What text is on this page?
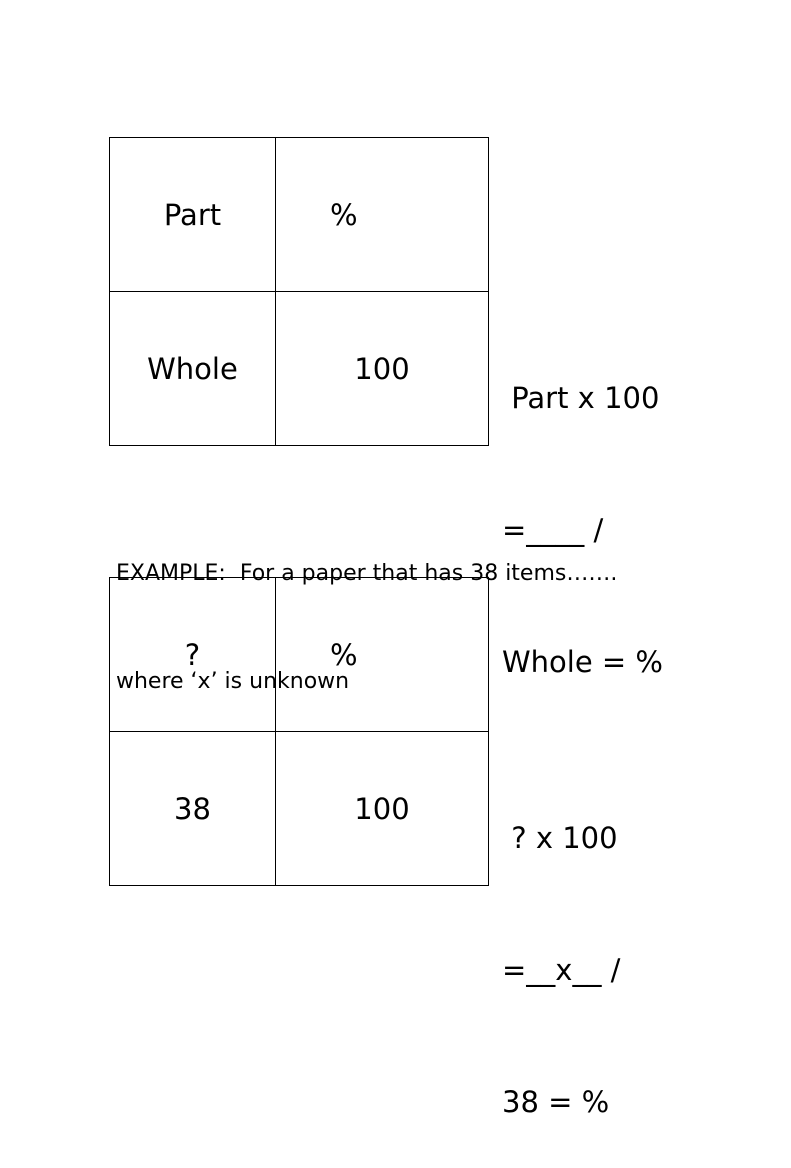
Part	%
Whole	100

Part x 100

=____ /

Whole = %

EXAMPLE:  For a paper that has 38 items…….

where ‘x’ is unknown

?	%
38	100

? x 100

=__x__ /

38 = %
